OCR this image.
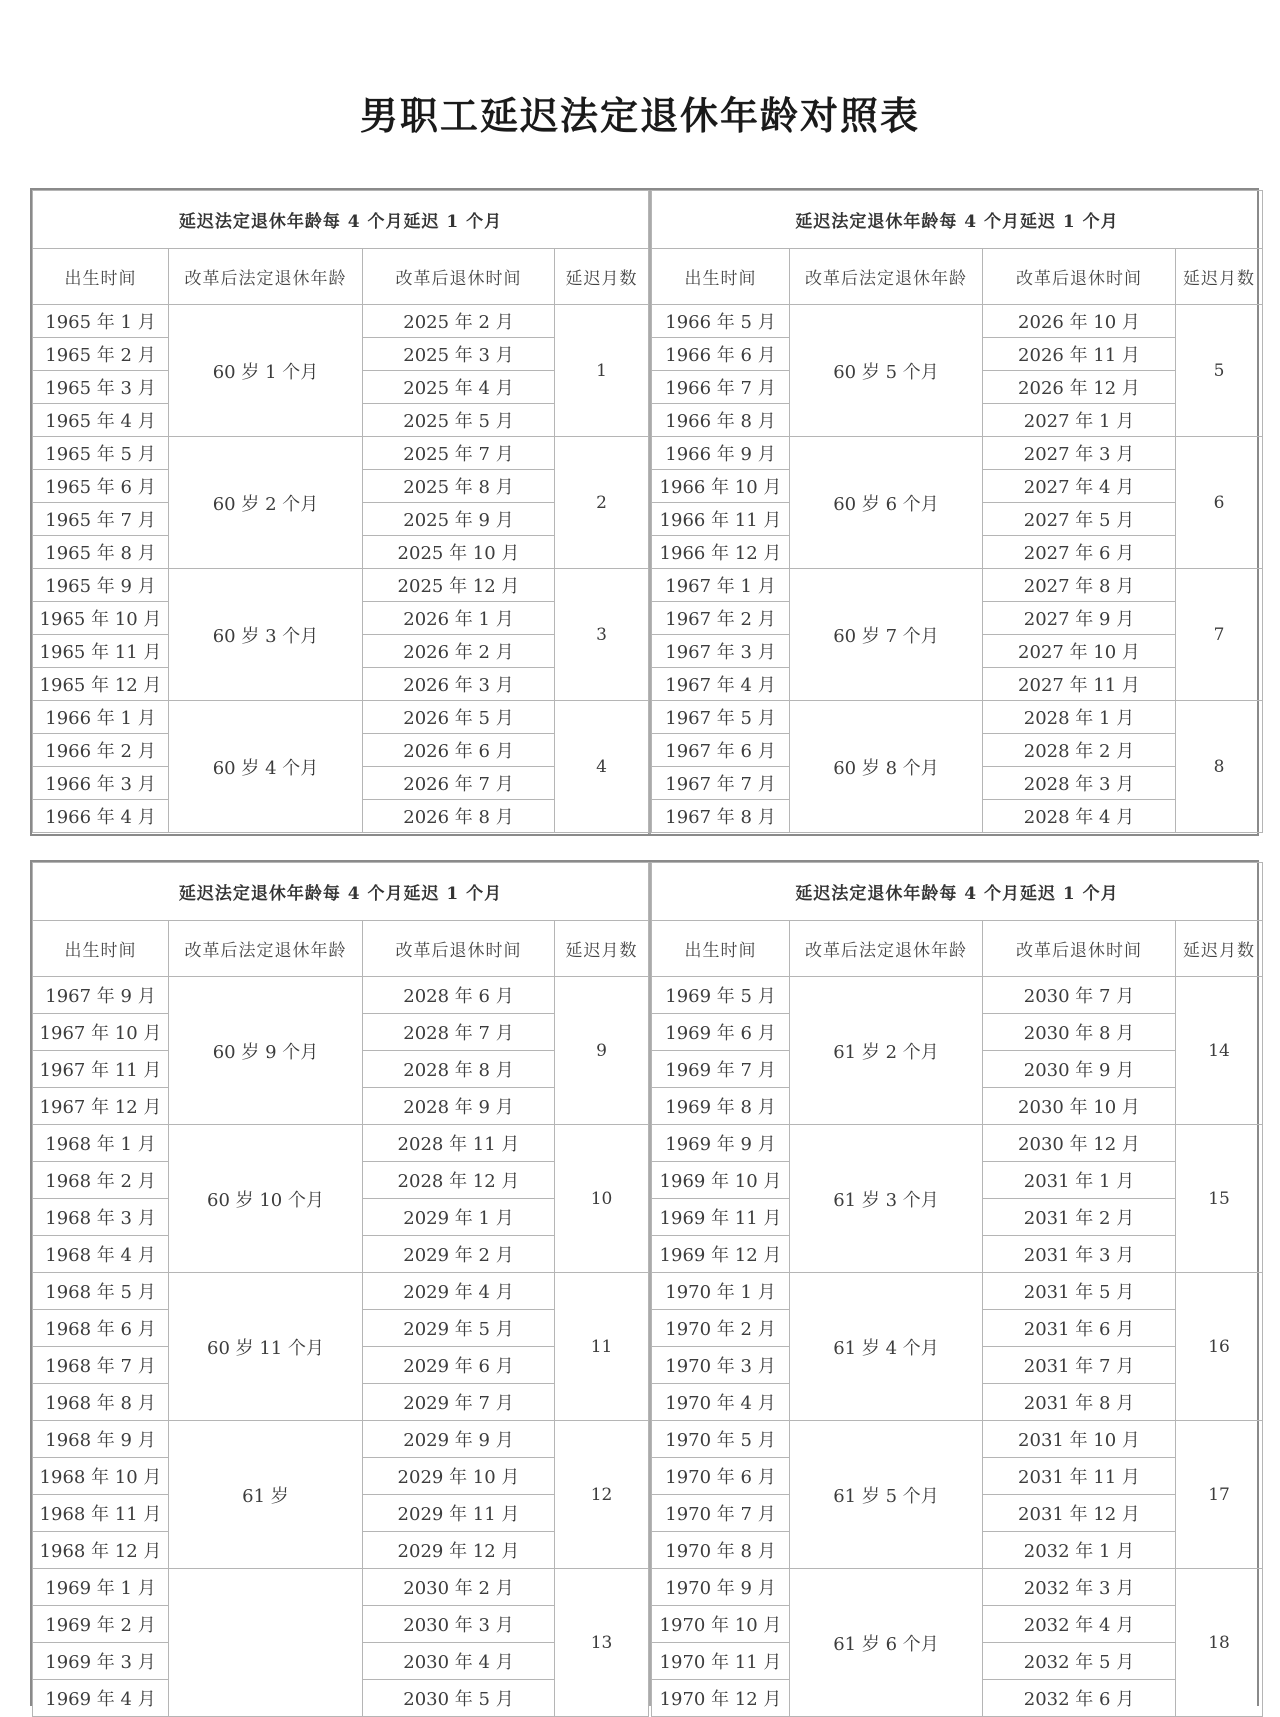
男职工延迟法定退休年龄对照表
延迟法定退休年龄每 4 个月延迟 1 个月			
出生时间	改革后法定退休年龄	改革后退休时间	延迟月数
1965 年 1 月	60 岁 1 个月	2025 年 2 月	1
1965 年 2 月		2025 年 3 月	
1965 年 3 月		2025 年 4 月	
1965 年 4 月		2025 年 5 月	
1965 年 5 月	60 岁 2 个月	2025 年 7 月	2
1965 年 6 月		2025 年 8 月	
1965 年 7 月		2025 年 9 月	
1965 年 8 月		2025 年 10 月	
1965 年 9 月	60 岁 3 个月	2025 年 12 月	3
1965 年 10 月		2026 年 1 月	
1965 年 11 月		2026 年 2 月	
1965 年 12 月		2026 年 3 月	
1966 年 1 月	60 岁 4 个月	2026 年 5 月	4
1966 年 2 月		2026 年 6 月	
1966 年 3 月		2026 年 7 月	
1966 年 4 月		2026 年 8 月	
延迟法定退休年龄每 4 个月延迟 1 个月			
出生时间	改革后法定退休年龄	改革后退休时间	延迟月数
1966 年 5 月	60 岁 5 个月	2026 年 10 月	5
1966 年 6 月		2026 年 11 月	
1966 年 7 月		2026 年 12 月	
1966 年 8 月		2027 年 1 月	
1966 年 9 月	60 岁 6 个月	2027 年 3 月	6
1966 年 10 月		2027 年 4 月	
1966 年 11 月		2027 年 5 月	
1966 年 12 月		2027 年 6 月	
1967 年 1 月	60 岁 7 个月	2027 年 8 月	7
1967 年 2 月		2027 年 9 月	
1967 年 3 月		2027 年 10 月	
1967 年 4 月		2027 年 11 月	
1967 年 5 月	60 岁 8 个月	2028 年 1 月	8
1967 年 6 月		2028 年 2 月	
1967 年 7 月		2028 年 3 月	
1967 年 8 月		2028 年 4 月	
延迟法定退休年龄每 4 个月延迟 1 个月			
出生时间	改革后法定退休年龄	改革后退休时间	延迟月数
1967 年 9 月	60 岁 9 个月	2028 年 6 月	9
1967 年 10 月		2028 年 7 月	
1967 年 11 月		2028 年 8 月	
1967 年 12 月		2028 年 9 月	
1968 年 1 月	60 岁 10 个月	2028 年 11 月	10
1968 年 2 月		2028 年 12 月	
1968 年 3 月		2029 年 1 月	
1968 年 4 月		2029 年 2 月	
1968 年 5 月	60 岁 11 个月	2029 年 4 月	11
1968 年 6 月		2029 年 5 月	
1968 年 7 月		2029 年 6 月	
1968 年 8 月		2029 年 7 月	
1968 年 9 月	61 岁	2029 年 9 月	12
1968 年 10 月		2029 年 10 月	
1968 年 11 月		2029 年 11 月	
1968 年 12 月		2029 年 12 月	
1969 年 1 月		2030 年 2 月	13
1969 年 2 月		2030 年 3 月	
1969 年 3 月		2030 年 4 月	
1969 年 4 月		2030 年 5 月	
延迟法定退休年龄每 4 个月延迟 1 个月			
出生时间	改革后法定退休年龄	改革后退休时间	延迟月数
1969 年 5 月	61 岁 2 个月	2030 年 7 月	14
1969 年 6 月		2030 年 8 月	
1969 年 7 月		2030 年 9 月	
1969 年 8 月		2030 年 10 月	
1969 年 9 月	61 岁 3 个月	2030 年 12 月	15
1969 年 10 月		2031 年 1 月	
1969 年 11 月		2031 年 2 月	
1969 年 12 月		2031 年 3 月	
1970 年 1 月	61 岁 4 个月	2031 年 5 月	16
1970 年 2 月		2031 年 6 月	
1970 年 3 月		2031 年 7 月	
1970 年 4 月		2031 年 8 月	
1970 年 5 月	61 岁 5 个月	2031 年 10 月	17
1970 年 6 月		2031 年 11 月	
1970 年 7 月		2031 年 12 月	
1970 年 8 月		2032 年 1 月	
1970 年 9 月	61 岁 6 个月	2032 年 3 月	18
1970 年 10 月		2032 年 4 月	
1970 年 11 月		2032 年 5 月	
1970 年 12 月		2032 年 6 月	
